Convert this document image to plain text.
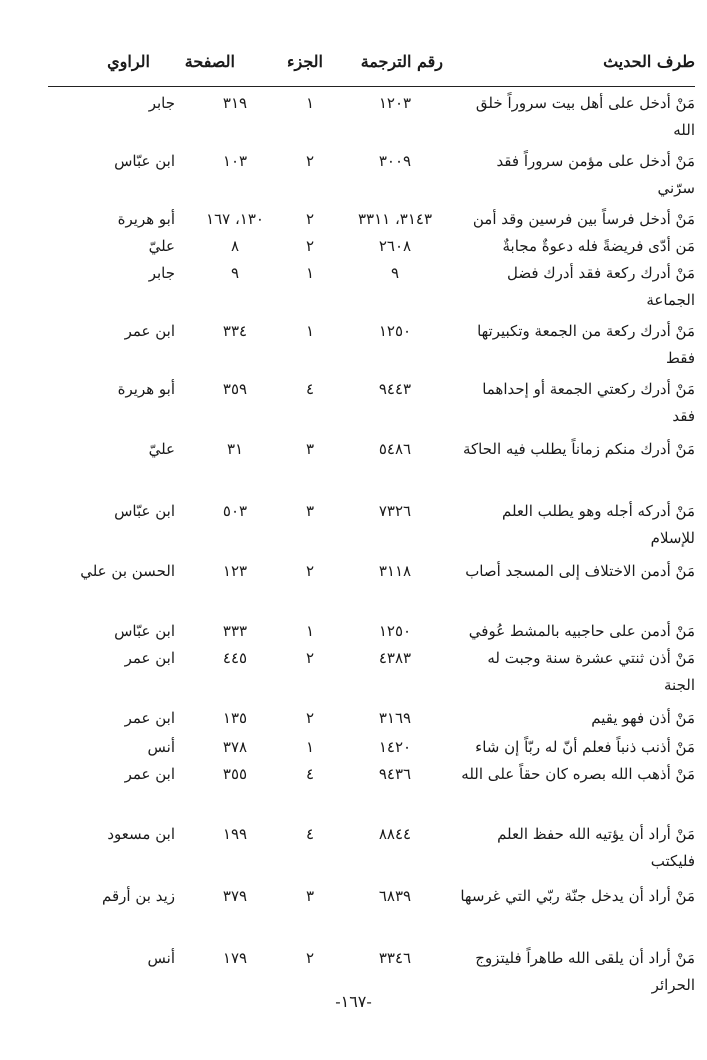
طرف الحديث
رقم الترجمة
الجزء
الصفحة
الراوي
مَنْ أدخل على أهل بيت سروراً خلق الله
١٢٠٣
١
٣١٩
جابر
مَنْ أدخل على مؤمن سروراً فقد سرّني
٣٠٠٩
٢
١٠٣
ابن عبّاس
مَنْ أدخل فرساً بين فرسين وقد أمن
٣١٤٣، ٣٣١١
٢
١٣٠، ١٦٧
أبو هريرة
مَن أدّى فريضةً فله دعوةٌ مجابةٌ
٢٦٠٨
٢
٨
عليّ
مَنْ أدرك ركعة فقد أدرك فضل الجماعة
٩
١
٩
جابر
مَنْ أدرك ركعة من الجمعة وتكبيرتها فقط
١٢٥٠
١
٣٣٤
ابن عمر
مَنْ أدرك ركعتي الجمعة أو إحداهما فقد
٩٤٤٣
٤
٣٥٩
أبو هريرة
مَنْ أدرك منكم زماناً يطلب فيه الحاكة
٥٤٨٦
٣
٣١
عليّ
مَنْ أدركه أجله وهو يطلب العلم للإسلام
٧٣٢٦
٣
٥٠٣
ابن عبّاس
مَنْ أدمن الاختلاف إلى المسجد أصاب
٣١١٨
٢
١٢٣
الحسن بن علي
مَنْ أدمن على حاجبيه بالمشط عُوفي
١٢٥٠
١
٣٣٣
ابن عبّاس
مَنْ أذن ثنتي عشرة سنة وجبت له الجنة
٤٣٨٣
٢
٤٤٥
ابن عمر
مَنْ أذن فهو يقيم
٣١٦٩
٢
١٣٥
ابن عمر
مَنْ أذنب ذنباً فعلم أنّ له ربّاً إن شاء
١٤٢٠
١
٣٧٨
أنس
مَنْ أذهب الله بصره كان حقاً على الله
٩٤٣٦
٤
٣٥٥
ابن عمر
مَنْ أراد أن يؤتيه الله حفظ العلم فليكتب
٨٨٤٤
٤
١٩٩
ابن مسعود
مَنْ أراد أن يدخل جنّة ربّي التي غرسها
٦٨٣٩
٣
٣٧٩
زيد بن أرقم
مَنْ أراد أن يلقى الله طاهراً فليتزوج الحرائر
٣٣٤٦
٢
١٧٩
أنس
-١٦٧-
